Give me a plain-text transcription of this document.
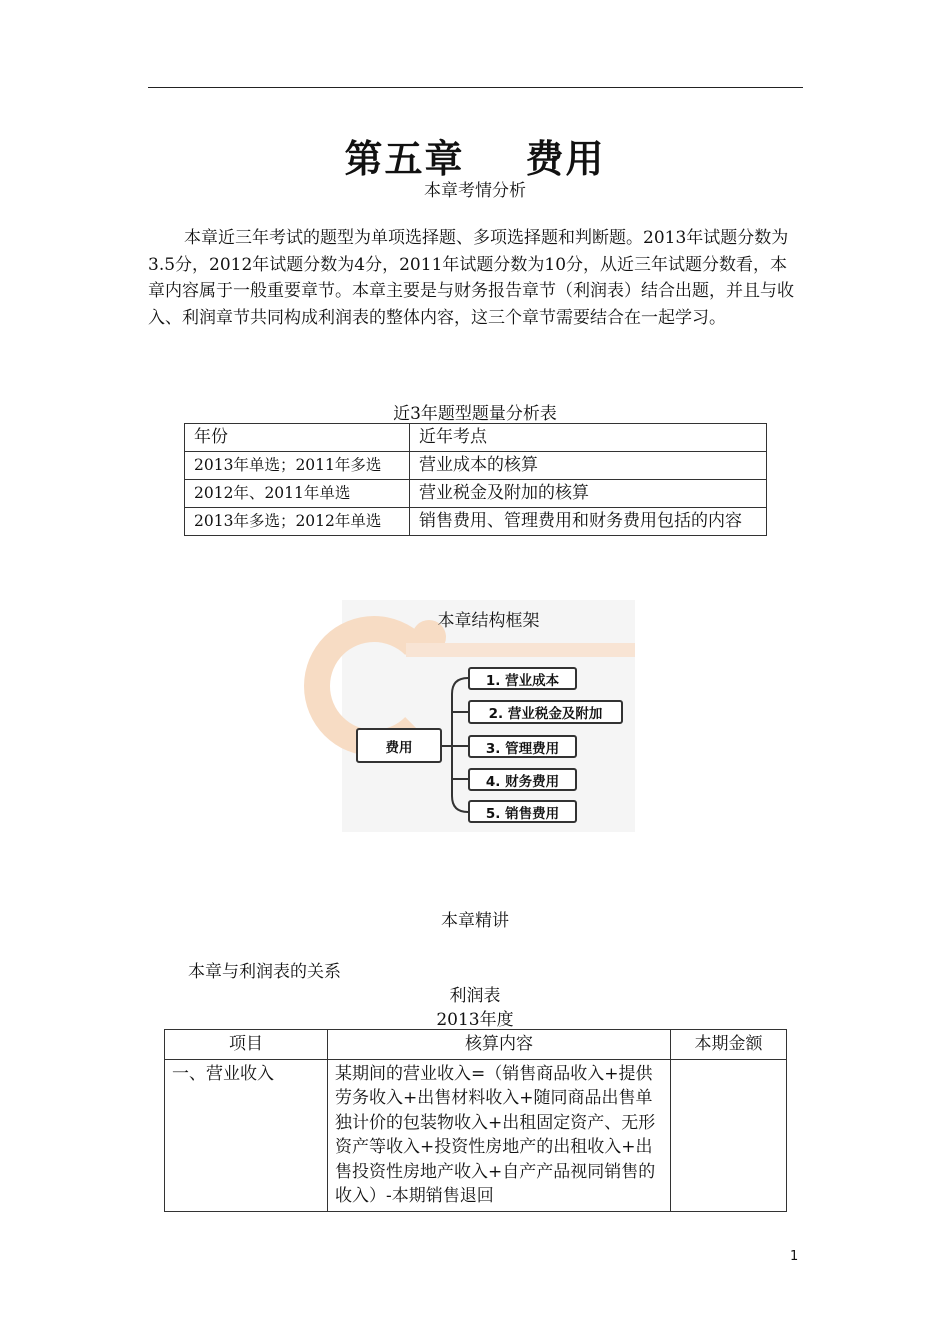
第五章    费用
本章考情分析

本章近三年考试的题型为单项选择题、多项选择题和判断题。2013年试题分数为3.5分，2012年试题分数为4分，2011年试题分数为10分，从近三年试题分数看，本章内容属于一般重要章节。本章主要是与财务报告章节（利润表）结合出题，并且与收入、利润章节共同构成利润表的整体内容，这三个章节需要结合在一起学习。

近3年题型题量分析表
年份	近年考点
2013年单选；2011年多选	营业成本的核算
2012年、2011年单选	营业税金及附加的核算
2013年多选；2012年单选	销售费用、管理费用和财务费用包括的内容
本章结构框架
费用
1. 营业成本
2. 营业税金及附加
3. 管理费用
4. 财务费用
5. 销售费用
本章精讲
本章与利润表的关系
利润表
2013年度
项目	核算内容	本期金额
一、营业收入	某期间的营业收入=（销售商品收入+提供劳务收入+出售材料收入+随同商品出售单独计价的包装物收入+出租固定资产、无形资产等收入+投资性房地产的出租收入+出售投资性房地产收入+自产产品视同销售的收入）-本期销售退回	
1
